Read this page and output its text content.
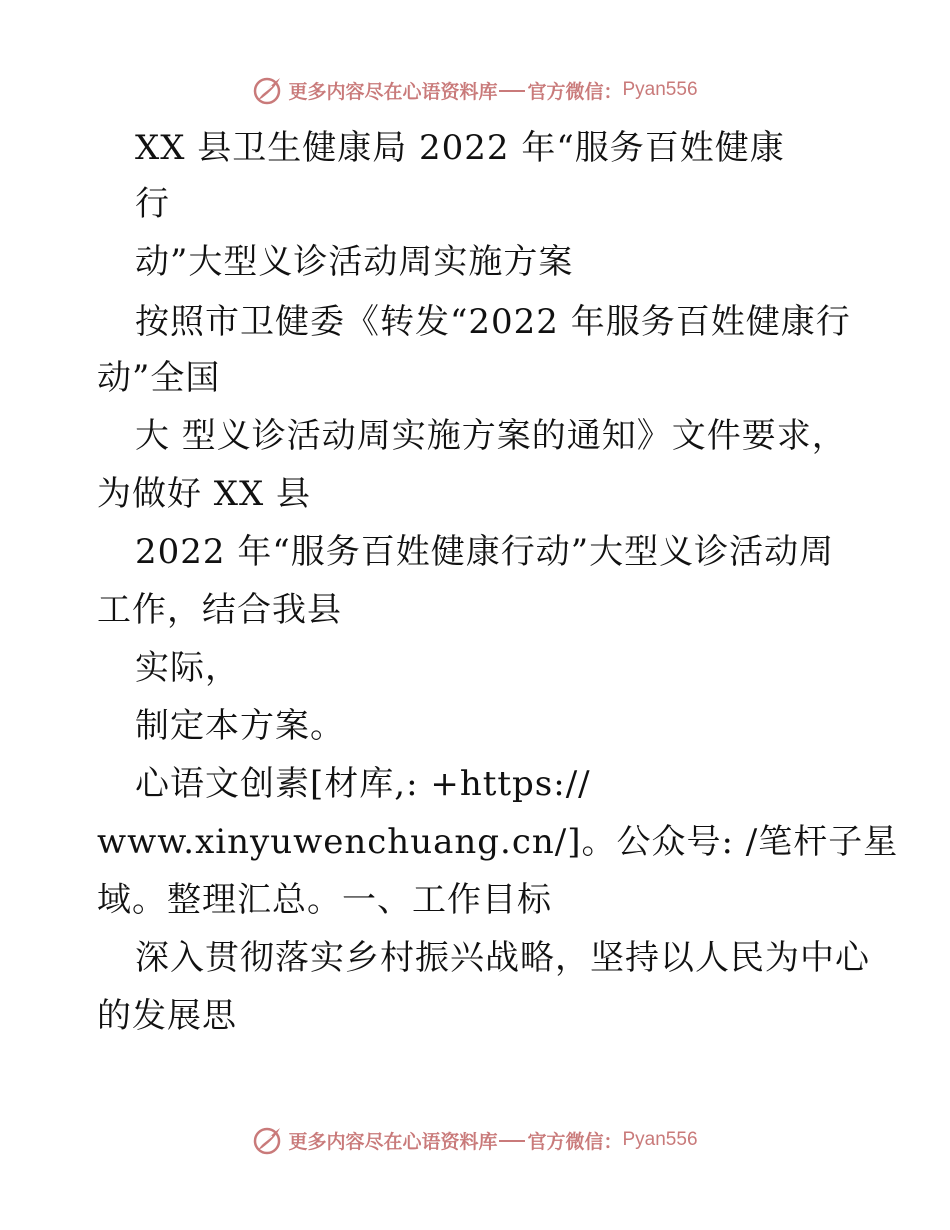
更多内容尽在心语资料库 官方微信： Pyan556
XX 县卫生健康局 2022 年“服务百姓健康
行
动”大型义诊活动周实施方案
按照市卫健委《转发“2022 年服务百姓健康行
动”全国
大 型义诊活动周实施方案的通知》文件要求，
为做好 XX 县
2022 年“服务百姓健康行动”大型义诊活动周
工作，结合我县
实际，
制定本方案。
心语文创素[材库,: +https://
www.xinyuwenchuang.cn/]。公众号: /笔杆子星
域。整理汇总。一、工作目标
深入贯彻落实乡村振兴战略，坚持以人民为中心
的发展思
更多内容尽在心语资料库 官方微信： Pyan556
